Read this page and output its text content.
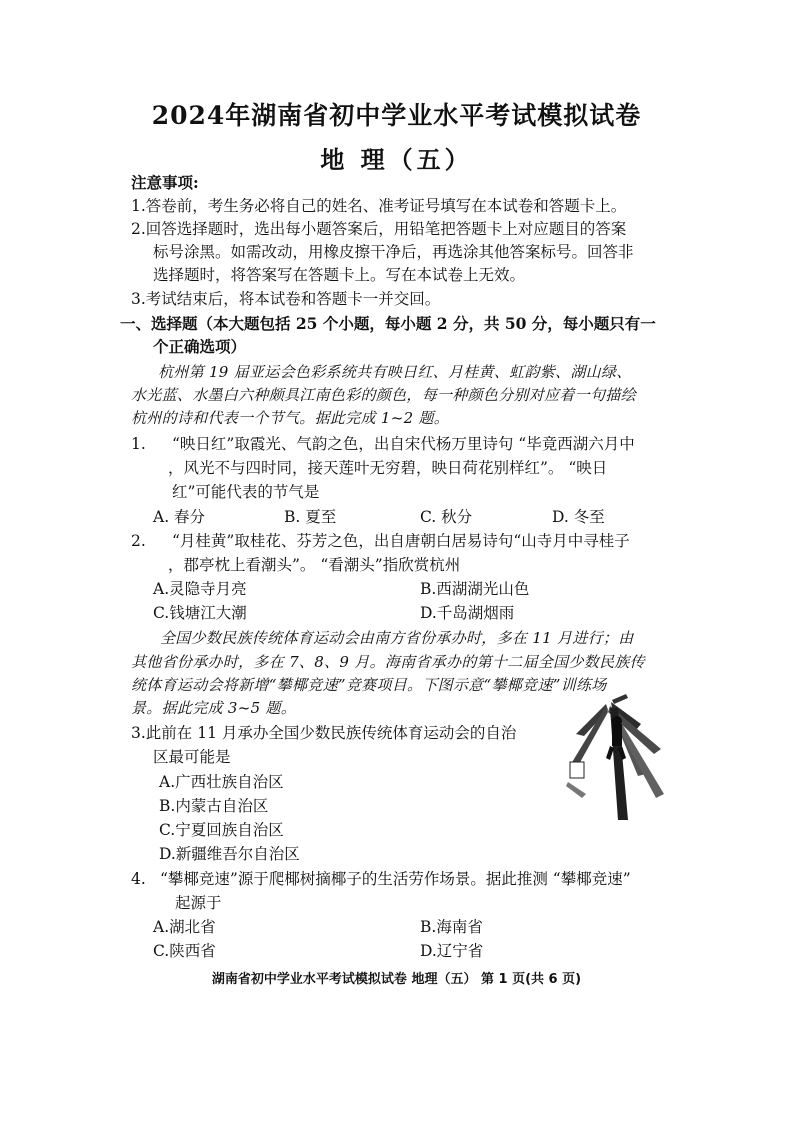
2024年湖南省初中学业水平考试模拟试卷
地 理（五）
注意事项:
1.答卷前，考生务必将自己的姓名、准考证号填写在本试卷和答题卡上。
2.回答选择题时，选出每小题答案后，用铅笔把答题卡上对应题目的答案
标号涂黑。如需改动，用橡皮擦干净后，再选涂其他答案标号。回答非
选择题时，将答案写在答题卡上。写在本试卷上无效。
3.考试结束后，将本试卷和答题卡一并交回。
一、选择题（本大题包括 25 个小题，每小题 2 分，共 50 分，每小题只有一
个正确选项）
杭州第 19 届亚运会色彩系统共有映日红、月桂黄、虹韵紫、湖山绿、
水光蓝、水墨白六种颇具江南色彩的颜色，每一种颜色分别对应着一句描绘
杭州的诗和代表一个节气。据此完成 1~2 题。
1. “映日红”取霞光、气韵之色，出自宋代杨万里诗句 “毕竟西湖六月中
，风光不与四时同，接天莲叶无穷碧，映日荷花别样红”。 “映日
红”可能代表的节气是
A. 春分	B. 夏至	C. 秋分	D. 冬至
2. “月桂黄”取桂花、芬芳之色，出自唐朝白居易诗句“山寺月中寻桂子
，郡亭枕上看潮头”。 “看潮头”指欣赏杭州
A.灵隐寺月亮	B.西湖湖光山色
C.钱塘江大潮	D.千岛湖烟雨
全国少数民族传统体育运动会由南方省份承办时，多在 11 月进行；由
其他省份承办时，多在 7、8、9 月。海南省承办的第十二届全国少数民族传
统体育运动会将新增“攀椰竞速”竞赛项目。下图示意“攀椰竞速”训练场
景。据此完成 3~5 题。
3.此前在 11 月承办全国少数民族传统体育运动会的自治
区最可能是
A.广西壮族自治区
B.内蒙古自治区
C.宁夏回族自治区
D.新疆维吾尔自治区
4. “攀椰竞速”源于爬椰树摘椰子的生活劳作场景。据此推测 “攀椰竞速”
起源于
A.湖北省	B.海南省
C.陕西省	D.辽宁省
湖南省初中学业水平考试模拟试卷 地理（五） 第 1 页(共 6 页)
